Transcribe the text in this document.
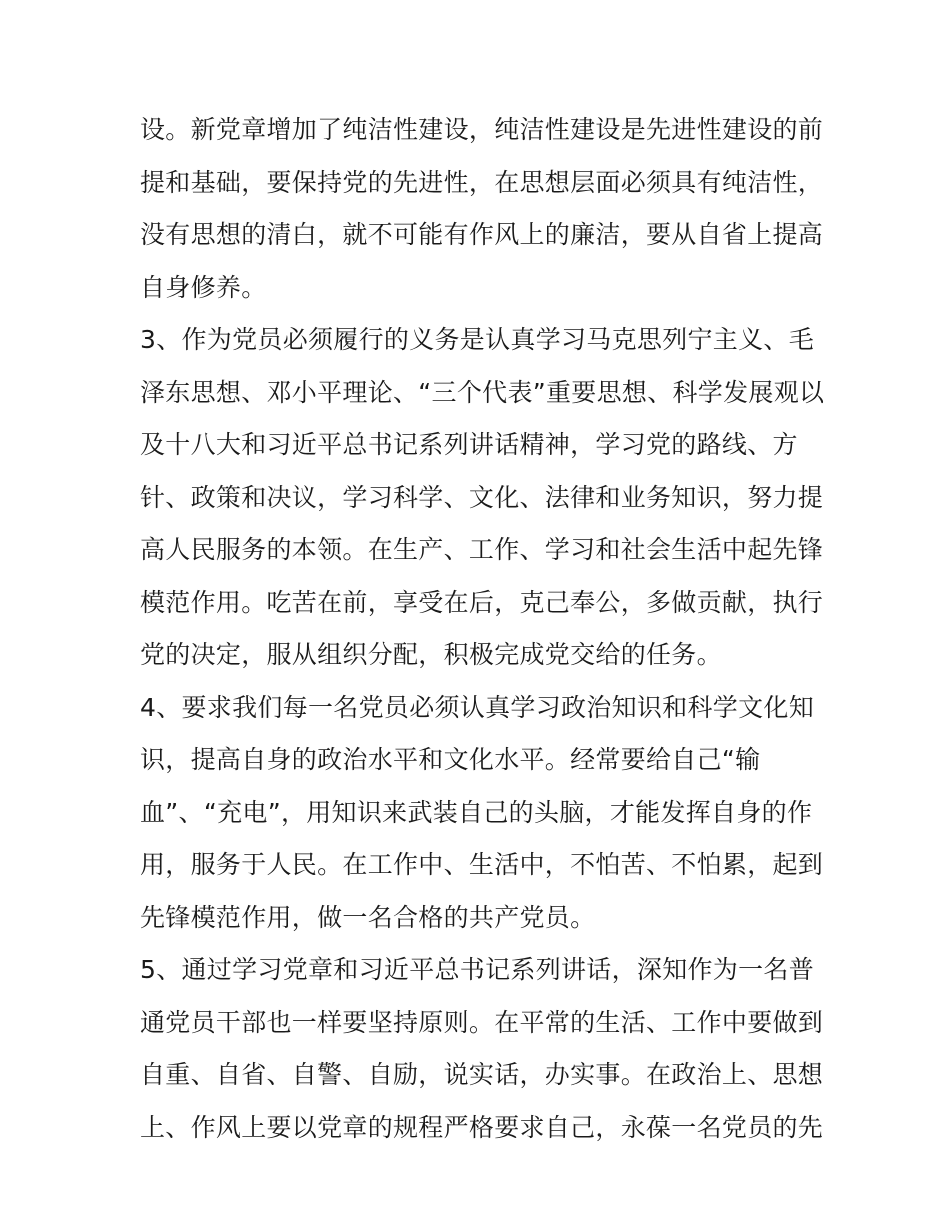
设。新党章增加了纯洁性建设，纯洁性建设是先进性建设的前
提和基础，要保持党的先进性，在思想层面必须具有纯洁性，
没有思想的清白，就不可能有作风上的廉洁，要从自省上提高
自身修养。
3、作为党员必须履行的义务是认真学习马克思列宁主义、毛
泽东思想、邓小平理论、“三个代表”重要思想、科学发展观以
及十八大和习近平总书记系列讲话精神，学习党的路线、方
针、政策和决议，学习科学、文化、法律和业务知识，努力提
高人民服务的本领。在生产、工作、学习和社会生活中起先锋
模范作用。吃苦在前，享受在后，克己奉公，多做贡献，执行
党的决定，服从组织分配，积极完成党交给的任务。
4、要求我们每一名党员必须认真学习政治知识和科学文化知
识，提高自身的政治水平和文化水平。经常要给自己“输
血”、“充电”，用知识来武装自己的头脑，才能发挥自身的作
用，服务于人民。在工作中、生活中，不怕苦、不怕累，起到
先锋模范作用，做一名合格的共产党员。
5、通过学习党章和习近平总书记系列讲话，深知作为一名普
通党员干部也一样要坚持原则。在平常的生活、工作中要做到
自重、自省、自警、自励，说实话，办实事。在政治上、思想
上、作风上要以党章的规程严格要求自己，永葆一名党员的先
